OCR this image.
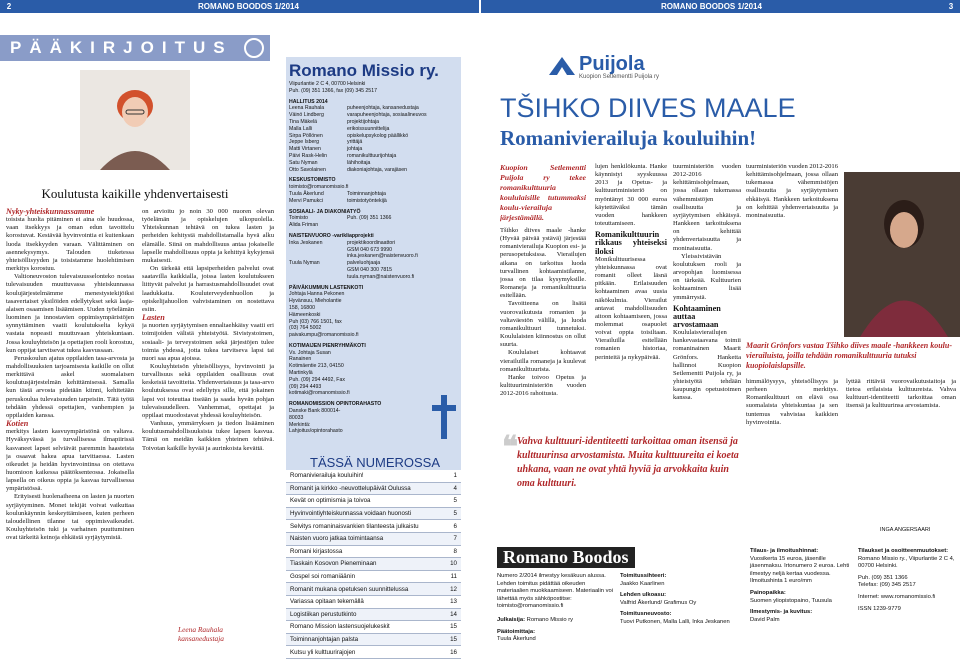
2	ROMANO BOODOS 1/2014	ROMANO BOODOS 1/2014	3
PÄÄKIRJOITUS
Koulutusta kaikille yhdenvertaisesti
Nyky-yhteiskunnassamme

toisista huolta pitäminen ei aina ole huudossa, vaan itsekkyys ja oman edun tavoittelu korostuvat. Kestävää hyvinvointia ei kuitenkaan luoda itsekkyyden varaan. Välittäminen on asennekysymys. Talouden tiuketessa yhteisöllisyyden ja toisistamme huolehtimisen merkitys korostuu.

Valtioneuvoston tulevaisuusselonteko nostaa tulevaisuuden muuttuvassa yhteiskunnassa koulujärjestelmämme menestystekijöiksi tasavertaiset yksilöiden edellytykset sekä laaja-alaisen osaamisen lisäämisen. Uuden työelämän luominen ja innostavien oppimisympäristöjen synnyttäminen vaatii koulutukselta kykyä vastata nopeasti muuttuvaan yhteiskuntaan. Jossa kouluyhteisön ja opettajien rooli korostuu, kun oppijat tarvitsevat tukea kasvussaan.

Peruskoulun ajatus oppilaiden tasa-arvosta ja mahdollisuuksien tarjoamisesta kaikille on ollut merkittävä askel suomalaisen koulutusjärjestelmän kehittämisessä. Samalla kun tästä arvosta pidetään kiinni, kehitetään peruskoulua tulevaisuuden tarpeisiin. Tätä työtä tehdään yhdessä opettajien, vanhempien ja oppilaiden kanssa.

Kotien

merkitys lasten kasvuympäristönä on valtava. Hyväksyvässä ja turvallisessa ilmapiirissä kasvaneet lapset selviävät paremmin haasteista ja osaavat hakea apua tarvittaessa. Lasten oikeudet ja heidän hyvinvointinsa on otettava huomioon kaikessa päätöksenteossa. Jokaisella lapsella on oikeus oppia ja kasvaa turvallisessa ympäristössä.

Erityisesti huolenaiheena on lasten ja nuorten syrjäytyminen. Monet tekijät voivat vaikuttaa koulunkäynnin keskeyttämiseen, kuten perheen taloudellinen tilanne tai oppimisvaikeudet. Kouluyhteisön tuki ja varhainen puuttuminen ovat tärkeitä keinoja ehkäistä syrjäytymistä.

on arvioitu jo noin 30 000 nuoren olevan työelämän ja opiskelujen ulkopuolella. Yhteiskunnan tehtävä on tukea lasten ja perheiden kehitystä mahdollistamalla hyvä alku elämälle. Siinä on mahdollisuus antaa jokaiselle lapselle mahdollisuus oppia ja kehittyä kykyjensä mukaisesti.

On tärkeää että lapsiperheiden palvelut ovat saatavilla kaikkialla, joissa lasten koulutukseen liittyvät palvelut ja harrastusmahdollisuudet ovat laadukkaita. Kouluterveydenhuollon ja opiskelijahuollon vahvistaminen on nostettava esiin.

Lasten

ja nuorten syrjäytymisen ennaltaehkäisy vaatii eri toimijoiden välistä yhteistyötä. Sivistystoimen, sosiaali- ja terveystoimen sekä järjestöjen tulee toimia yhdessä, jotta tukea tarvitseva lapsi tai nuori saa apua ajoissa.

Kouluyhteisön yhteisöllisyys, hyvinvointi ja turvallisuus sekä oppilaiden osallisuus ovat keskeisiä tavoitteita. Yhdenvertaisuus ja tasa-arvo koulutuksessa ovat edellytys sille, että jokainen lapsi voi toteuttaa itseään ja saada hyvän pohjan tulevaisuudelleen. Vanhemmat, opettajat ja oppilaat muodostavat yhdessä kouluyhteisön.

Vanhuus, ymmärryksen ja tiedon lisääminen koulutusmahdollisuuksista tukee lapsen kasvua. Tämä on meidän kaikkien yhteinen tehtävä. Toivotan kaikille hyvää ja aurinkoista kevättä.

Leena Rauhala
kansanedustaja
Romano Missio ry.
Viipurlantie 2 C 4, 00700 Helsinki
Puh. (09) 351 1366, fax (09) 345 2517
HALLITUS 2014
Leena Rauhala	puheenjohtaja, kansanedustaja
Väinö Lindberg	varapuheenjohtaja, sosiaalineuvos
Tina Mäkelä	projektijohtaja
Malla Lalli	erikoissuunnittelija
Sirpa Pöllönen	opiskelupsykolog päällikkö
Jeppe Isberg	yrittäjä
Matti Virtanen	johtaja
Päivi Rask-Helin	romanikulttuurijohtaja
Satu Nyman	lähihoitaja
Otto Savolainen	diakoniajohtaja, varajäsen
KESKUSTOIMISTO
toimisto@romanomissio.fi
Tuula Åkerlund	Toiminnanjohtaja
Mervi Pamukci	toimistotyöntekijä
SOSIAALI- JA DIAKONIATYÖ
Toimisto	Puh. (09) 351 1366
Alida Friman
NAISTENVUORO -varikliapprojekti
Inka Jeskanen	projektikoordinaattori
GSM 040 673 9990
inka.jeskanen@naistenvuoro.fi
Tuula Nyman	palveluohjaaja
GSM 040 300 7815
tuula.nyman@naistenvuoro.fi
PÄIVÄKUMMUN LASTENKOTI
Johtaja Hanna Pekonen
Hyvänsuu, Mieholantie 158, 16800 Hämeenkoski
Puh (03) 766 1501, fax (03) 764 5002
paivakumpu@romanomissio.fi
KOTIMAIJEN PIENRYHMÄKOTI
Vs. Johtaja Susan Ranainen
Kotimäentie 213, 04150 Martinkylä
Puh. (09) 294 4492, Fax (09) 294 4493
kotimaki@romanomissio.fi
ROMANOMISSION OPINTORAHASTO
Danske Bank 800014-80033
Merkintä: Lahjoitus/opintorahasto
TÄSSÄ NUMEROSSA
Romanivierailuja kouluihin!	1
Romanit ja kirkko -neuvottelupäivät Oulussa	4
Kevät on optimismia ja toivoa	5
Hyvinvointiyhteiskunnassa voidaan huonosti	5
Selvitys romaninaisvankien tilanteesta julkaistu	6
Naisten vuoro jatkaa toimintaansa	7
Romani kirjastossa	8
Tiaskain Kosovon Pieneminaan	10
Gospel soi romaniäänin	11
Romanit mukana opetuksen suunnittelussa	12
Variassa opitaan tekemällä	13
Logistiikan perustutkinto	14
Romano Mission lastensuojelukeskit	15
Toiminnanjohtajan palsta	15
Kutsu yli kulttuurirajojen	16
Puijola
Kuopion Setlementti Puijola ry
TŠIHKO DIIVES MAALE
Romanivierailuja kouluihin!
Kuopion Setlementti Puijola ry tekee romanikulttuuria koululaisille tutummaksi koulu-vierailuja järjestämällä.

Tšihko diives maale -hanke (Hyvää päivää ystävä) järjestää romanivierailuja Kuopion esi- ja perusopetuksissa. Vierailujen aikana on tarkoitus luoda turvallinen kohtaamistilanne, jossa on tilaa kysymyksille. Romaneja ja romanikulttuuria esitellään.

Tavoitteena on lisätä vuorovaikutusta romanien ja valtaväestön välillä, ja luoda romanikulttuuri tunnetuksi. Koululaisten kiinnostus on ollut suurta.

Koululaiset kohtaavat vierailuilla romaneja ja kuulevat romanikulttuurista.

Hanke toivoo Opetus ja kulttuuriministeriön vuoden 2012-2016 rahoitusta.

lujen henkilökunta. Hanke käynnistyi syyskuussa 2013 ja Opetus- ja kulttuuriministeriö on myöntänyt 30 000 euroa käytettäväksi tämän vuoden hankkeen toteuttamiseen.

Romanikulttuurin rikkaus yhteiseksi iloksi

Monikulttuurisessa yhteiskunnassa ovat romanit olleet läsnä pitkään. Erilaisuuden kohtaaminen avaa uusia näkökulmia. Vierailut antavat mahdollisuuden aitoon kohtaamiseen, jossa molemmat osapuolet voivat oppia toisiltaan. Vierailuilla esitellään romanien historiaa, perinteitä ja nykypäivää.

tuurministeriön vuoden 2012-2016 kehittämisohjelmaan, jossa ollaan tukemassa vähemmistöjen osallisuutta ja syrjäytymisen ehkäisyä. Hankkeen tarkoituksena on kehittää yhdenvertaisuutta ja moninaisuutta.

Yleissivistävän koulutuksen rooli ja arvopohjan luomisessa on tärkeää. Kulttuurien kohtaaminen lisää ymmärrystä.

Kohtaaminen auttaa arvostamaan

Koululaisvierailujen hankevastaavana toimii romaninainen Maarit Grönfors. Hanketta hallinnoi Kuopion Setlementti Puijola ry, ja yhteistyötä tehdään kaupungin opetustoimen kanssa.

tuurministeriön vuoden 2012-2016 kehittämisohjelmaan, jossa ollaan tukemassa vähemmistöjen osallisuutta ja syrjäytymisen ehkäisyä. Hankkeen tarkoituksena on kehittää yhdenvertaisuutta ja moninaisuutta.

Maarit Grönfors vastaa Tšihko diives maale -hankkeen koulu-vierailuista, joilla tehdään romanikulttuuria tutuksi kuopiolaislapsille.

himmälöysyys, yhteisöllisyys ja perheen merkitys. Romanikulttuuri on elävä osa suomalaista yhteiskuntaa ja sen tuntemus vahvistaa kaikkien hyvinvointia.

lyttää rittäviä vuorovaikutustaitoja ja tietoa erilaisista kulttuureista. Vahva kulttuuri-identiteetti tarkoittaa oman itsensä ja kulttuurinsa arvostamista.

INGA ANGERSAARI
❝
Vahva kulttuuri-identiteetti tarkoittaa oman itsensä ja kulttuurinsa arvostamista. Muita kulttuureita ei koeta uhkana, vaan ne ovat yhtä hyviä ja arvokkaita kuin oma kulttuuri.
Romano Boodos
Numero 2/2014 ilmestyy kesäkuun alussa. Lehden toimitus pidättää oikeuden materiaalien muokkaamiseen. Materiaalin voi lähettää myös sähköpostitse: toimisto@romanomissio.fi
Julkaisija: Romano Missio ry
Päätoimittaja:
Tuula Åkerlund
Toimitussihteeri:
Jaakko Kaarlinen
Lehden ulkoasu:
Valfrid Åkerlund/ Grafimus Oy
Toimitusneuvosto:
Tuovi Putkonen, Malla Lalli, Inka Jeskanen
Tilaus- ja ilmoitushinnat:
Vuosikerta 15 euroa, jäsenille jäsenmaksu. Irtonumero 2 euroa. Lehti ilmestyy neljä kertaa vuodessa. Ilmoitushinta 1 euro/mm
Painopaikka:
Suomen yliopistopaino, Tuusula
Ilmestymis- ja kuvitus:
David Palm
Tilaukset ja osoitteenmuutokset:
Romano Missio ry., Viipurlantie 2 C 4, 00700 Helsinki.
Puh. (09) 351 1366
Telefax: (09) 345 2517
Internet: www.romanomissio.fi
ISSN 1239-9779
